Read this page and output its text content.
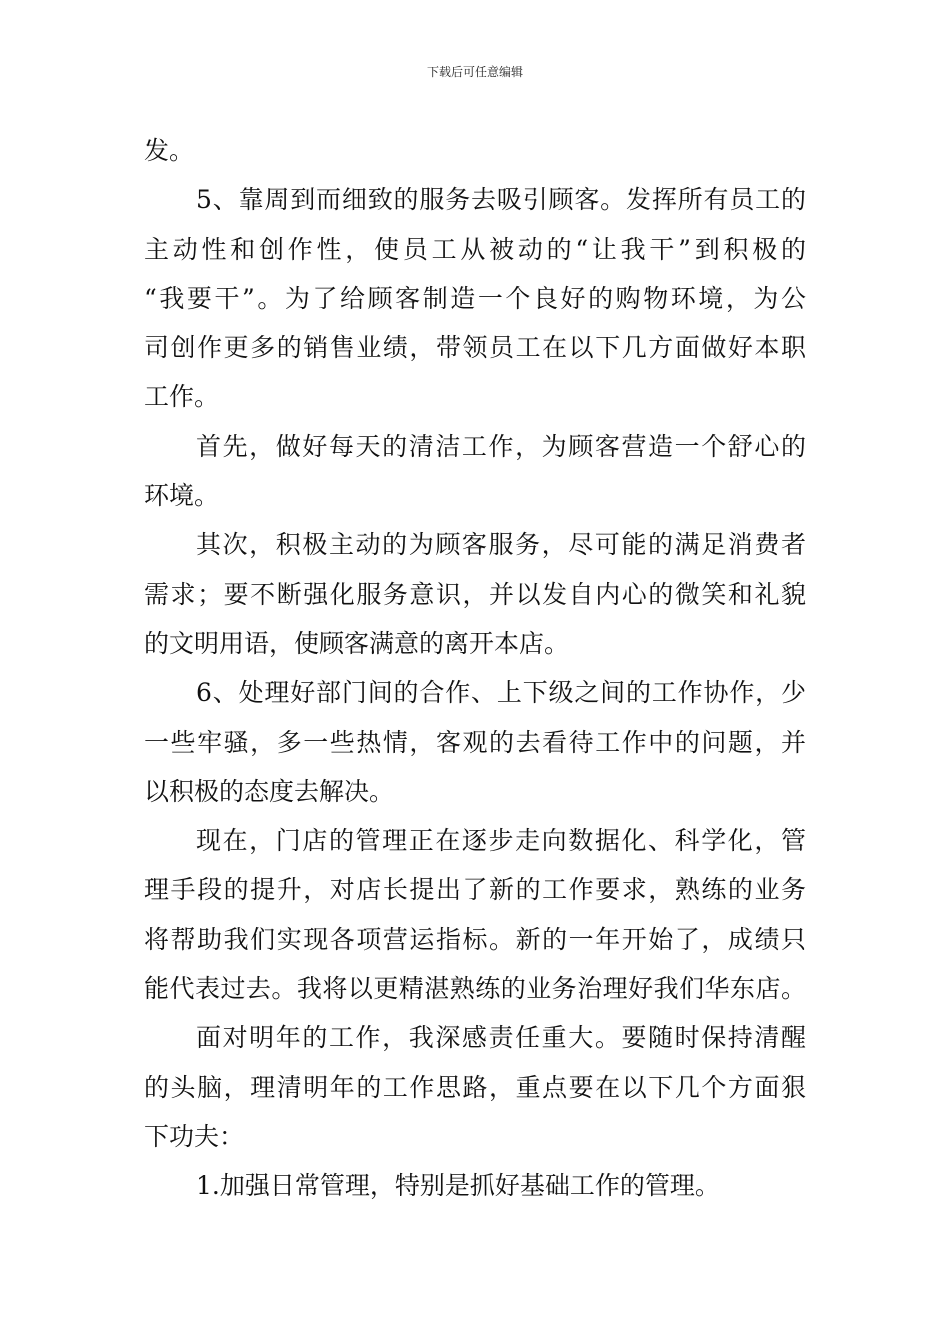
下载后可任意编辑
发。
5、靠周到而细致的服务去吸引顾客。发挥所有员工的
主动性和创作性，使员工从被动的“让我干”到积极的
“我要干”。为了给顾客制造一个良好的购物环境，为公
司创作更多的销售业绩，带领员工在以下几方面做好本职
工作。
首先，做好每天的清洁工作，为顾客营造一个舒心的
环境。
其次，积极主动的为顾客服务，尽可能的满足消费者
需求；要不断强化服务意识，并以发自内心的微笑和礼貌
的文明用语，使顾客满意的离开本店。
6、处理好部门间的合作、上下级之间的工作协作，少
一些牢骚，多一些热情，客观的去看待工作中的问题，并
以积极的态度去解决。
现在，门店的管理正在逐步走向数据化、科学化，管
理手段的提升，对店长提出了新的工作要求，熟练的业务
将帮助我们实现各项营运指标。新的一年开始了，成绩只
能代表过去。我将以更精湛熟练的业务治理好我们华东店。
面对明年的工作，我深感责任重大。要随时保持清醒
的头脑，理清明年的工作思路，重点要在以下几个方面狠
下功夫：
1.加强日常管理，特别是抓好基础工作的管理。
